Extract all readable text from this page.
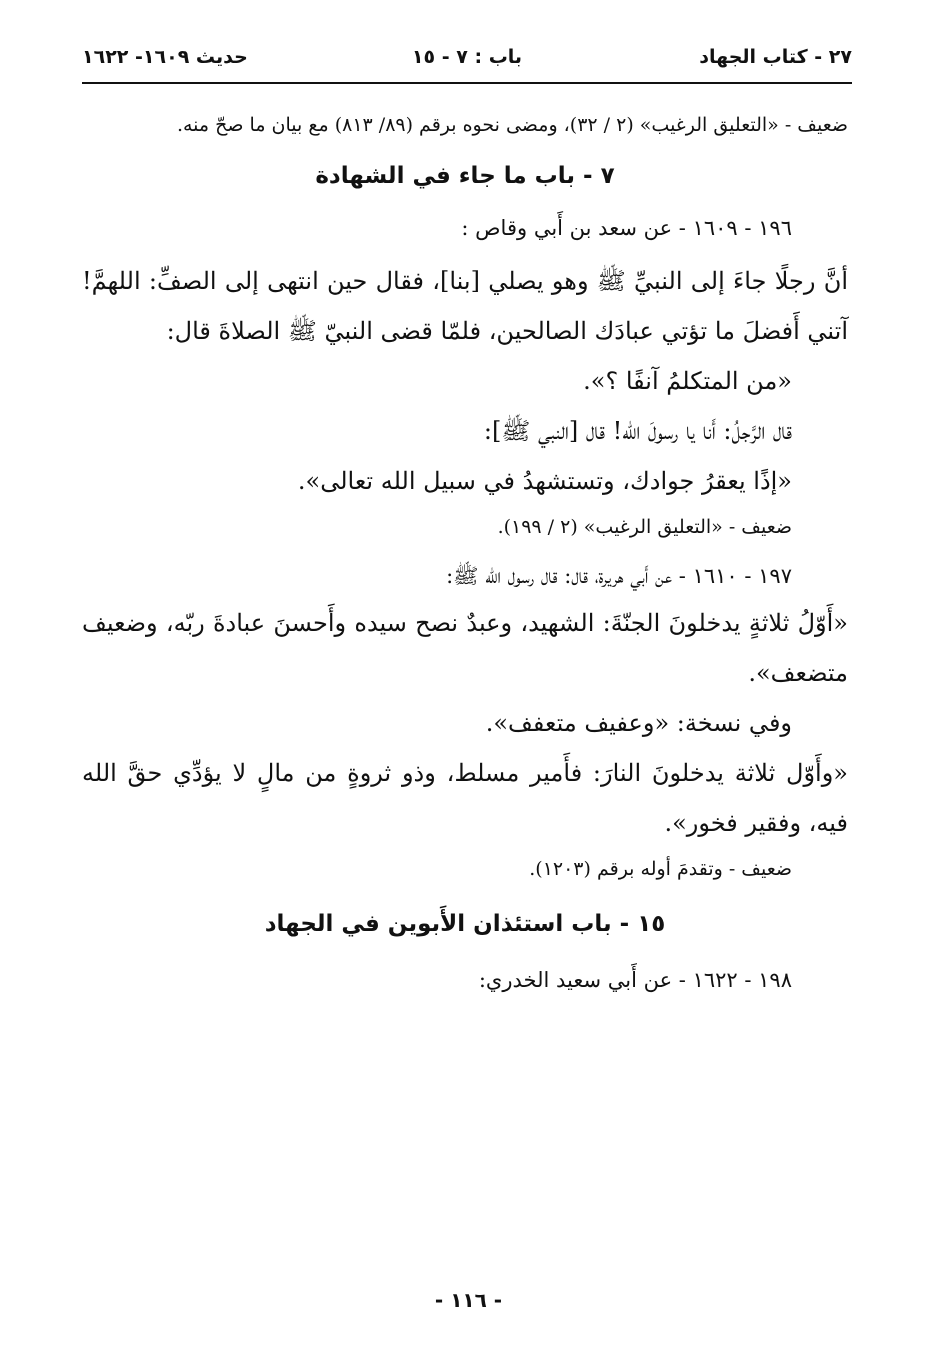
٢٧ - كتاب الجهاد
باب : ٧ - ١٥
حديث ١٦٠٩- ١٦٢٢

ضعيف - «التعليق الرغيب» (٢ / ٣٢)، ومضى نحوه برقم (٨٩/ ٨١٣) مع بيان ما صحّ منه.

٧ - باب ما جاء في الشهادة

١٩٦ - ١٦٠٩ - عن سعد بن أَبي وقاص :

أنَّ رجلًا جاءَ إلى النبيِّ ﷺ وهو يصلي [بنا]، فقال حين انتهى إلى الصفِّ: اللهمَّ! آتني أَفضلَ ما تؤتي عبادَك الصالحين، فلمّا قضى النبيّ ﷺ الصلاةَ قال:

«من المتكلمُ آنفًا ؟».

قال الرَّجلُ: أَنا يا رسولَ الله! قال [النبي ﷺ]:

«إذًا يعقرُ جوادك، وتستشهدُ في سبيل الله تعالى».

ضعيف - «التعليق الرغيب» (٢ / ١٩٩).

١٩٧ - ١٦١٠ - عن أَبي هريرة، قال: قال رسول الله ﷺ:

«أَوّلُ ثلاثةٍ يدخلونَ الجنّةَ: الشهيد، وعبدٌ نصح سيده وأَحسنَ عبادةَ ربّه، وضعيف متضعف».

وفي نسخة: «وعفيف متعفف».

«وأَوّل ثلاثة يدخلونَ النارَ: فأَمير مسلط، وذو ثروةٍ من مالٍ لا يؤدِّي حقَّ الله فيه، وفقير فخور».

ضعيف - وتقدمَ أوله برقم (١٢٠٣).

١٥ - باب استئذان الأَبوين في الجهاد

١٩٨ - ١٦٢٢ - عن أَبي سعيد الخدري:

- ١١٦ -
